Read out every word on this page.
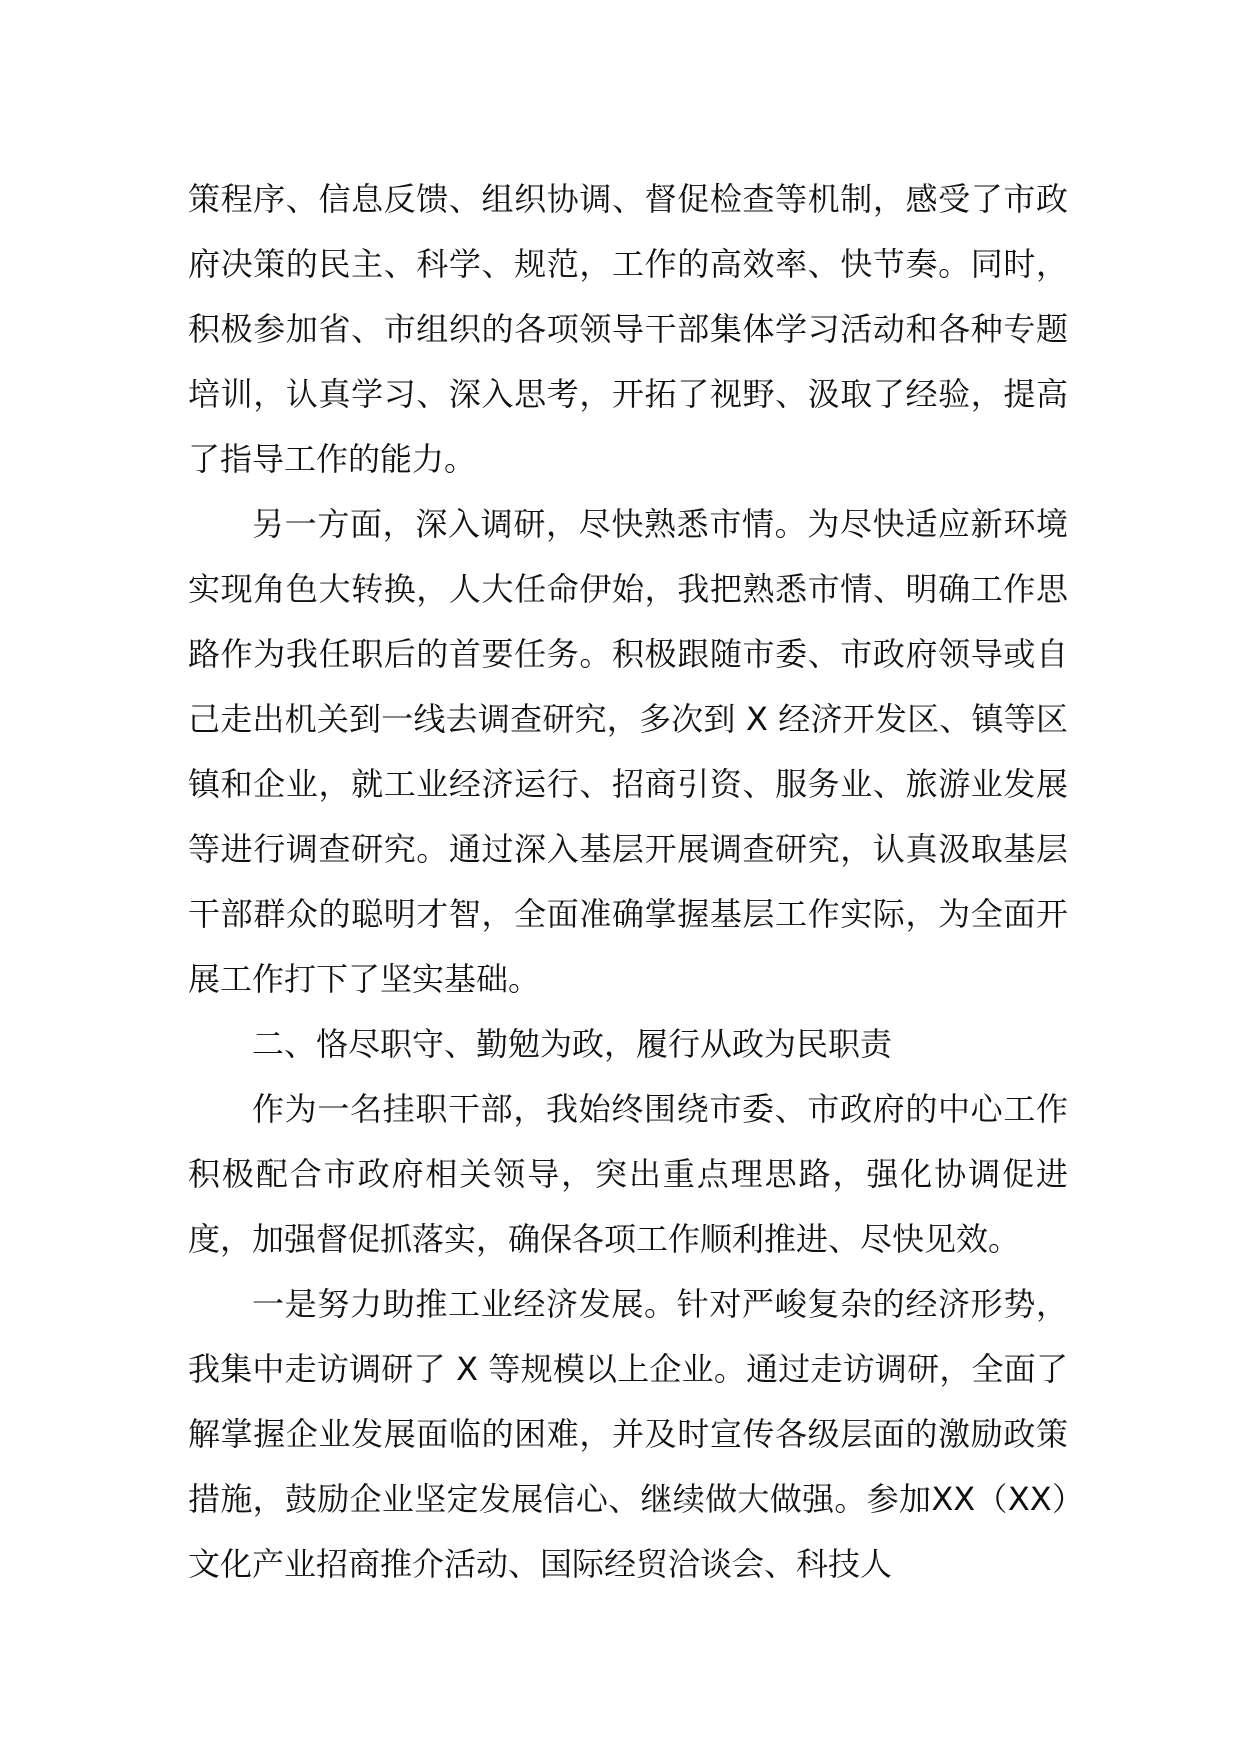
策程序、信息反馈、组织协调、督促检查等机制，感受了市政府决策的民主、科学、规范，工作的高效率、快节奏。同时，积极参加省、市组织的各项领导干部集体学习活动和各种专题培训，认真学习、深入思考，开拓了视野、汲取了经验，提高了指导工作的能力。

另一方面，深入调研，尽快熟悉市情。为尽快适应新环境实现角色大转换，人大任命伊始，我把熟悉市情、明确工作思路作为我任职后的首要任务。积极跟随市委、市政府领导或自己走出机关到一线去调查研究，多次到 X 经济开发区、镇等区镇和企业，就工业经济运行、招商引资、服务业、旅游业发展等进行调查研究。通过深入基层开展调查研究，认真汲取基层干部群众的聪明才智，全面准确掌握基层工作实际，为全面开展工作打下了坚实基础。

二、恪尽职守、勤勉为政，履行从政为民职责

作为一名挂职干部，我始终围绕市委、市政府的中心工作积极配合市政府相关领导，突出重点理思路，强化协调促进度，加强督促抓落实，确保各项工作顺利推进、尽快见效。

一是努力助推工业经济发展。针对严峻复杂的经济形势，我集中走访调研了 X 等规模以上企业。通过走访调研，全面了解掌握企业发展面临的困难，并及时宣传各级层面的激励政策措施，鼓励企业坚定发展信心、继续做大做强。参加XX（XX）文化产业招商推介活动、国际经贸洽谈会、科技人
